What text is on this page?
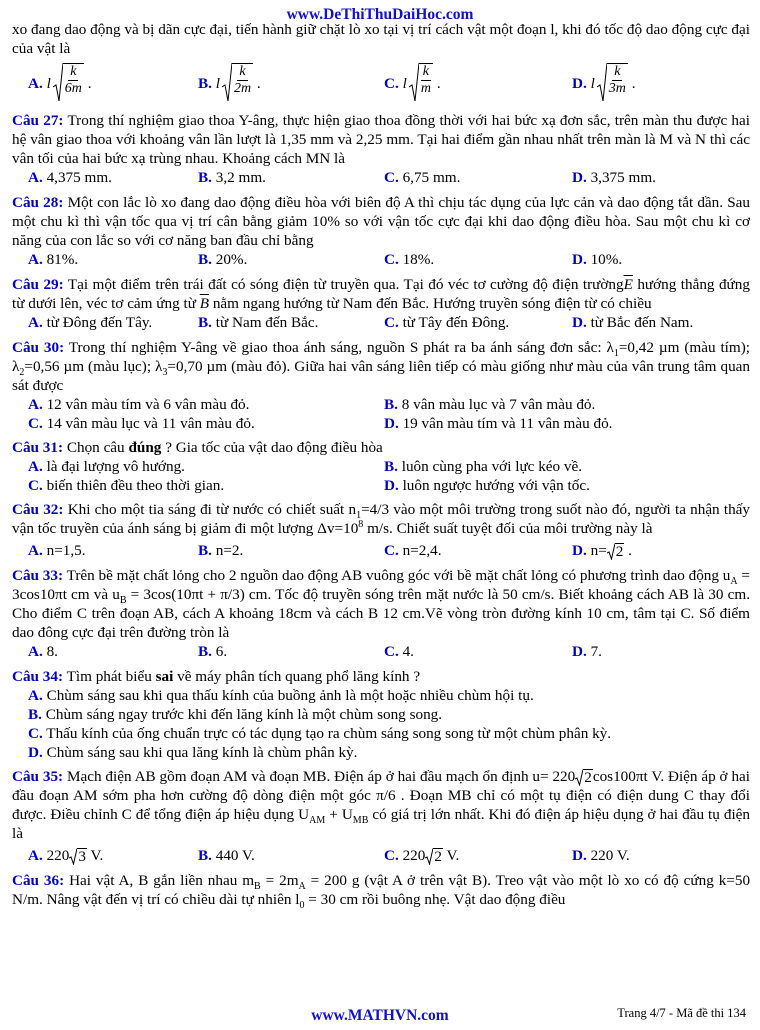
www.DeThiThuDaiHoc.com

xo đang dao động và bị dãn cực đại, tiến hành giữ chặt lò xo tại vị trí cách vật một đoạn l, khi đó tốc độ dao động cực đại của vật là

A.
l
k
6m .	B.
l
k
2m .	C.
l
k
m .	D.
l
k
3m .

Câu 27: Trong thí nghiệm giao thoa Y-âng, thực hiện giao thoa đồng thời với hai bức xạ đơn sắc, trên màn thu được hai hệ vân giao thoa với khoảng vân lần lượt là 1,35 mm và 2,25 mm. Tại hai điểm gần nhau nhất trên màn là M và N thì các vân tối của hai bức xạ trùng nhau. Khoảng cách MN là

A. 4,375 mm.	B. 3,2 mm.	C. 6,75 mm.	D. 3,375 mm.

Câu 28: Một con lắc lò xo đang dao động điều hòa với biên độ A thì chịu tác dụng của lực cản và dao động tắt dần. Sau một chu kì thì vận tốc qua vị trí cân bằng giảm 10% so với vận tốc cực đại khi dao động điều hòa. Sau một chu kì cơ năng của con lắc so với cơ năng ban đầu chỉ bằng

A. 81%.	B. 20%.	C. 18%.	D. 10%.

Câu 29: Tại một điểm trên trái đất có sóng điện từ truyền qua. Tại đó véc tơ cường độ điện $trường\overline{E}$ hướng thẳng đứng từ dưới lên, véc tơ cảm ứng từ $\overline{B}$ nằm ngang hướng từ Nam đến Bắc. Hướng truyền sóng điện từ có chiều

A. từ Đông đến Tây.	B. từ Nam đến Bắc.	C. từ Tây đến Đông.	D. từ Bắc đến Nam.

Câu 30: Trong thí nghiệm Y-âng về giao thoa ánh sáng, nguồn S phát ra ba ánh sáng đơn sắc: $\lambda_1=0,42$ µm (màu tím); $\lambda_2=0,56$ µm (màu lục); $\lambda_3=0,70$ µm (màu đỏ). Giữa hai vân sáng liên tiếp có màu giống như màu của vân trung tâm quan sát được

A. 12 vân màu tím và 6 vân màu đỏ.	B. 8 vân màu lục và 7 vân màu đỏ.
C. 14 vân màu lục và 11 vân màu đỏ.	D. 19 vân màu tím và 11 vân màu đỏ.

Câu 31: Chọn câu đúng ? Gia tốc của vật dao động điều hòa

A. là đại lượng vô hướng.	B. luôn cùng pha với lực kéo về.
C. biến thiên đều theo thời gian.	D. luôn ngược hướng với vận tốc.

Câu 32: Khi cho một tia sáng đi từ nước có chiết suất $n_1=4/3$ vào một môi trường trong suốt nào đó, người ta nhận thấy vận tốc truyền của ánh sáng bị giảm đi một lượng $\Delta v=10^8$ m/s. Chiết suất tuyệt đối của môi trường này là

A. n=1,5.	B. n=2.	C. n=2,4.	D. n= 2 .

Câu 33: Trên bề mặt chất lỏng cho 2 nguồn dao động AB vuông góc với bề mặt chất lỏng có phương trình dao động $u_A = 3\cos 10\pi t$ cm và $u_B = 3\cos(10\pi t + \pi/3)$ cm. Tốc độ truyền sóng trên mặt nước là 50 cm/s. Biết khoảng cách AB là 30 cm. Cho điểm C trên đoạn AB, cách A khoảng 18cm và cách B 12 cm.Vẽ vòng tròn đường kính 10 cm, tâm tại C. Số điểm dao đông cực đại trên đường tròn là

A. 8.	B. 6.	C. 4.	D. 7.

Câu 34: Tìm phát biểu sai về máy phân tích quang phổ lăng kính ?

A. Chùm sáng sau khi qua thấu kính của buồng ảnh là một hoặc nhiều chùm hội tụ.
B. Chùm sáng ngay trước khi đến lăng kính là một chùm song song.
C. Thấu kính của ống chuẩn trực có tác dụng tạo ra chùm sáng song song từ một chùm phân kỳ.
D. Chùm sáng sau khi qua lăng kính là chùm phân kỳ.

Câu 35: Mạch điện AB gồm đoạn AM và đoạn MB. Điện áp ở hai đầu mạch ổn định u= 220 2 cos100πt V. Điện áp ở hai đầu đoạn AM sớm pha hơn cường độ dòng điện một góc π/6 . Đoạn MB chỉ có một tụ điện có điện dung C thay đổi được. Điều chỉnh C để tổng điện áp hiệu dụng $U_{AM} + U_{MB}$ có giá trị lớn nhất. Khi đó điện áp hiệu dụng ở hai đầu tụ điện là

A. 220 3 V.	B. 440 V.	C. 220 2 V.	D. 220 V.

Câu 36: Hai vật A, B gắn liền nhau $m_B = 2m_A = 200$ g (vật A ở trên vật B). Treo vật vào một lò xo có độ cứng k=50 N/m. Nâng vật đến vị trí có chiều dài tự nhiên $l_0 = 30$ cm rồi buông nhẹ. Vật dao động điều

Trang 4/7 - Mã đề thi 134
www.MATHVN.com
